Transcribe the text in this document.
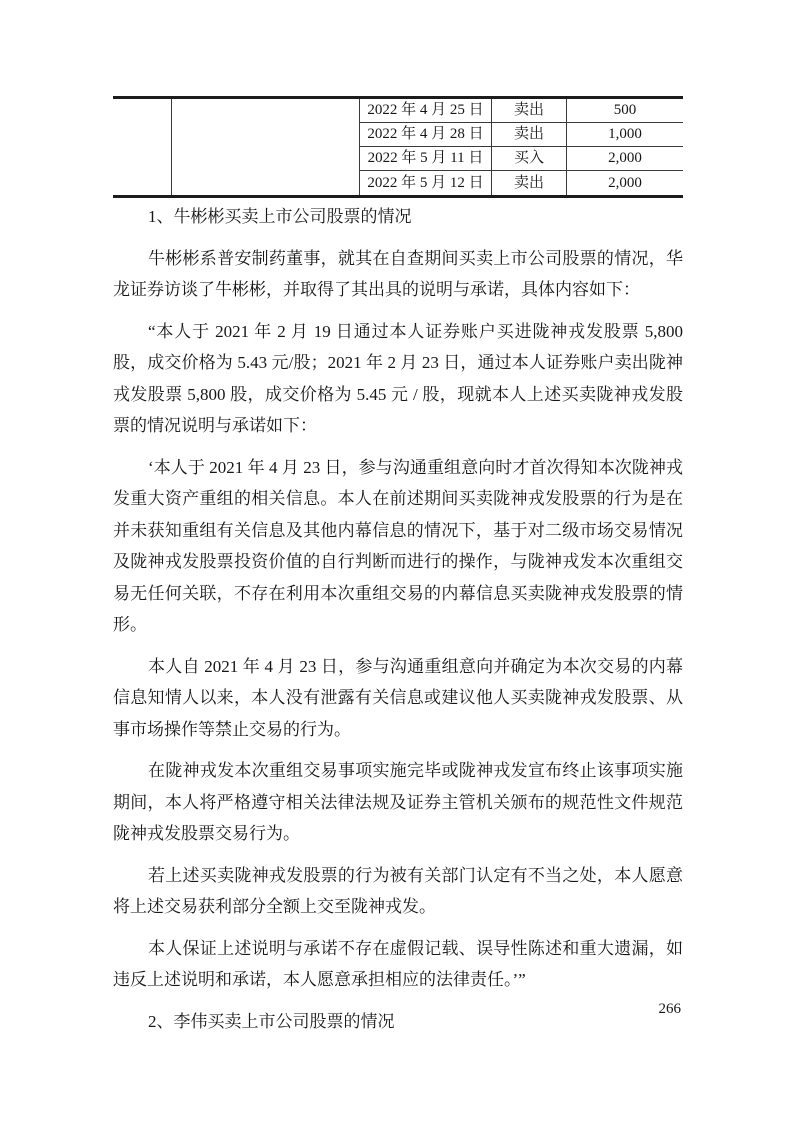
2022 年 4 月 25 日	卖出	500
2022 年 4 月 28 日	卖出	1,000
2022 年 5 月 11 日	买入	2,000
2022 年 5 月 12 日	卖出	2,000
1、牛彬彬买卖上市公司股票的情况

牛彬彬系普安制药董事，就其在自查期间买卖上市公司股票的情况，华龙证券访谈了牛彬彬，并取得了其出具的说明与承诺，具体内容如下：

“本人于 2021 年 2 月 19 日通过本人证券账户买进陇神戎发股票 5,800 股，成交价格为 5.43 元/股；2021 年 2 月 23 日，通过本人证券账户卖出陇神戎发股票 5,800 股，成交价格为 5.45 元 / 股，现就本人上述买卖陇神戎发股票的情况说明与承诺如下：

‘本人于 2021 年 4 月 23 日，参与沟通重组意向时才首次得知本次陇神戎发重大资产重组的相关信息。本人在前述期间买卖陇神戎发股票的行为是在并未获知重组有关信息及其他内幕信息的情况下，基于对二级市场交易情况及陇神戎发股票投资价值的自行判断而进行的操作，与陇神戎发本次重组交易无任何关联，不存在利用本次重组交易的内幕信息买卖陇神戎发股票的情形。

本人自 2021 年 4 月 23 日，参与沟通重组意向并确定为本次交易的内幕信息知情人以来，本人没有泄露有关信息或建议他人买卖陇神戎发股票、从事市场操作等禁止交易的行为。

在陇神戎发本次重组交易事项实施完毕或陇神戎发宣布终止该事项实施期间，本人将严格遵守相关法律法规及证券主管机关颁布的规范性文件规范陇神戎发股票交易行为。

若上述买卖陇神戎发股票的行为被有关部门认定有不当之处，本人愿意将上述交易获利部分全额上交至陇神戎发。

本人保证上述说明与承诺不存在虚假记载、误导性陈述和重大遗漏，如违反上述说明和承诺，本人愿意承担相应的法律责任。’”

2、李伟买卖上市公司股票的情况
266
